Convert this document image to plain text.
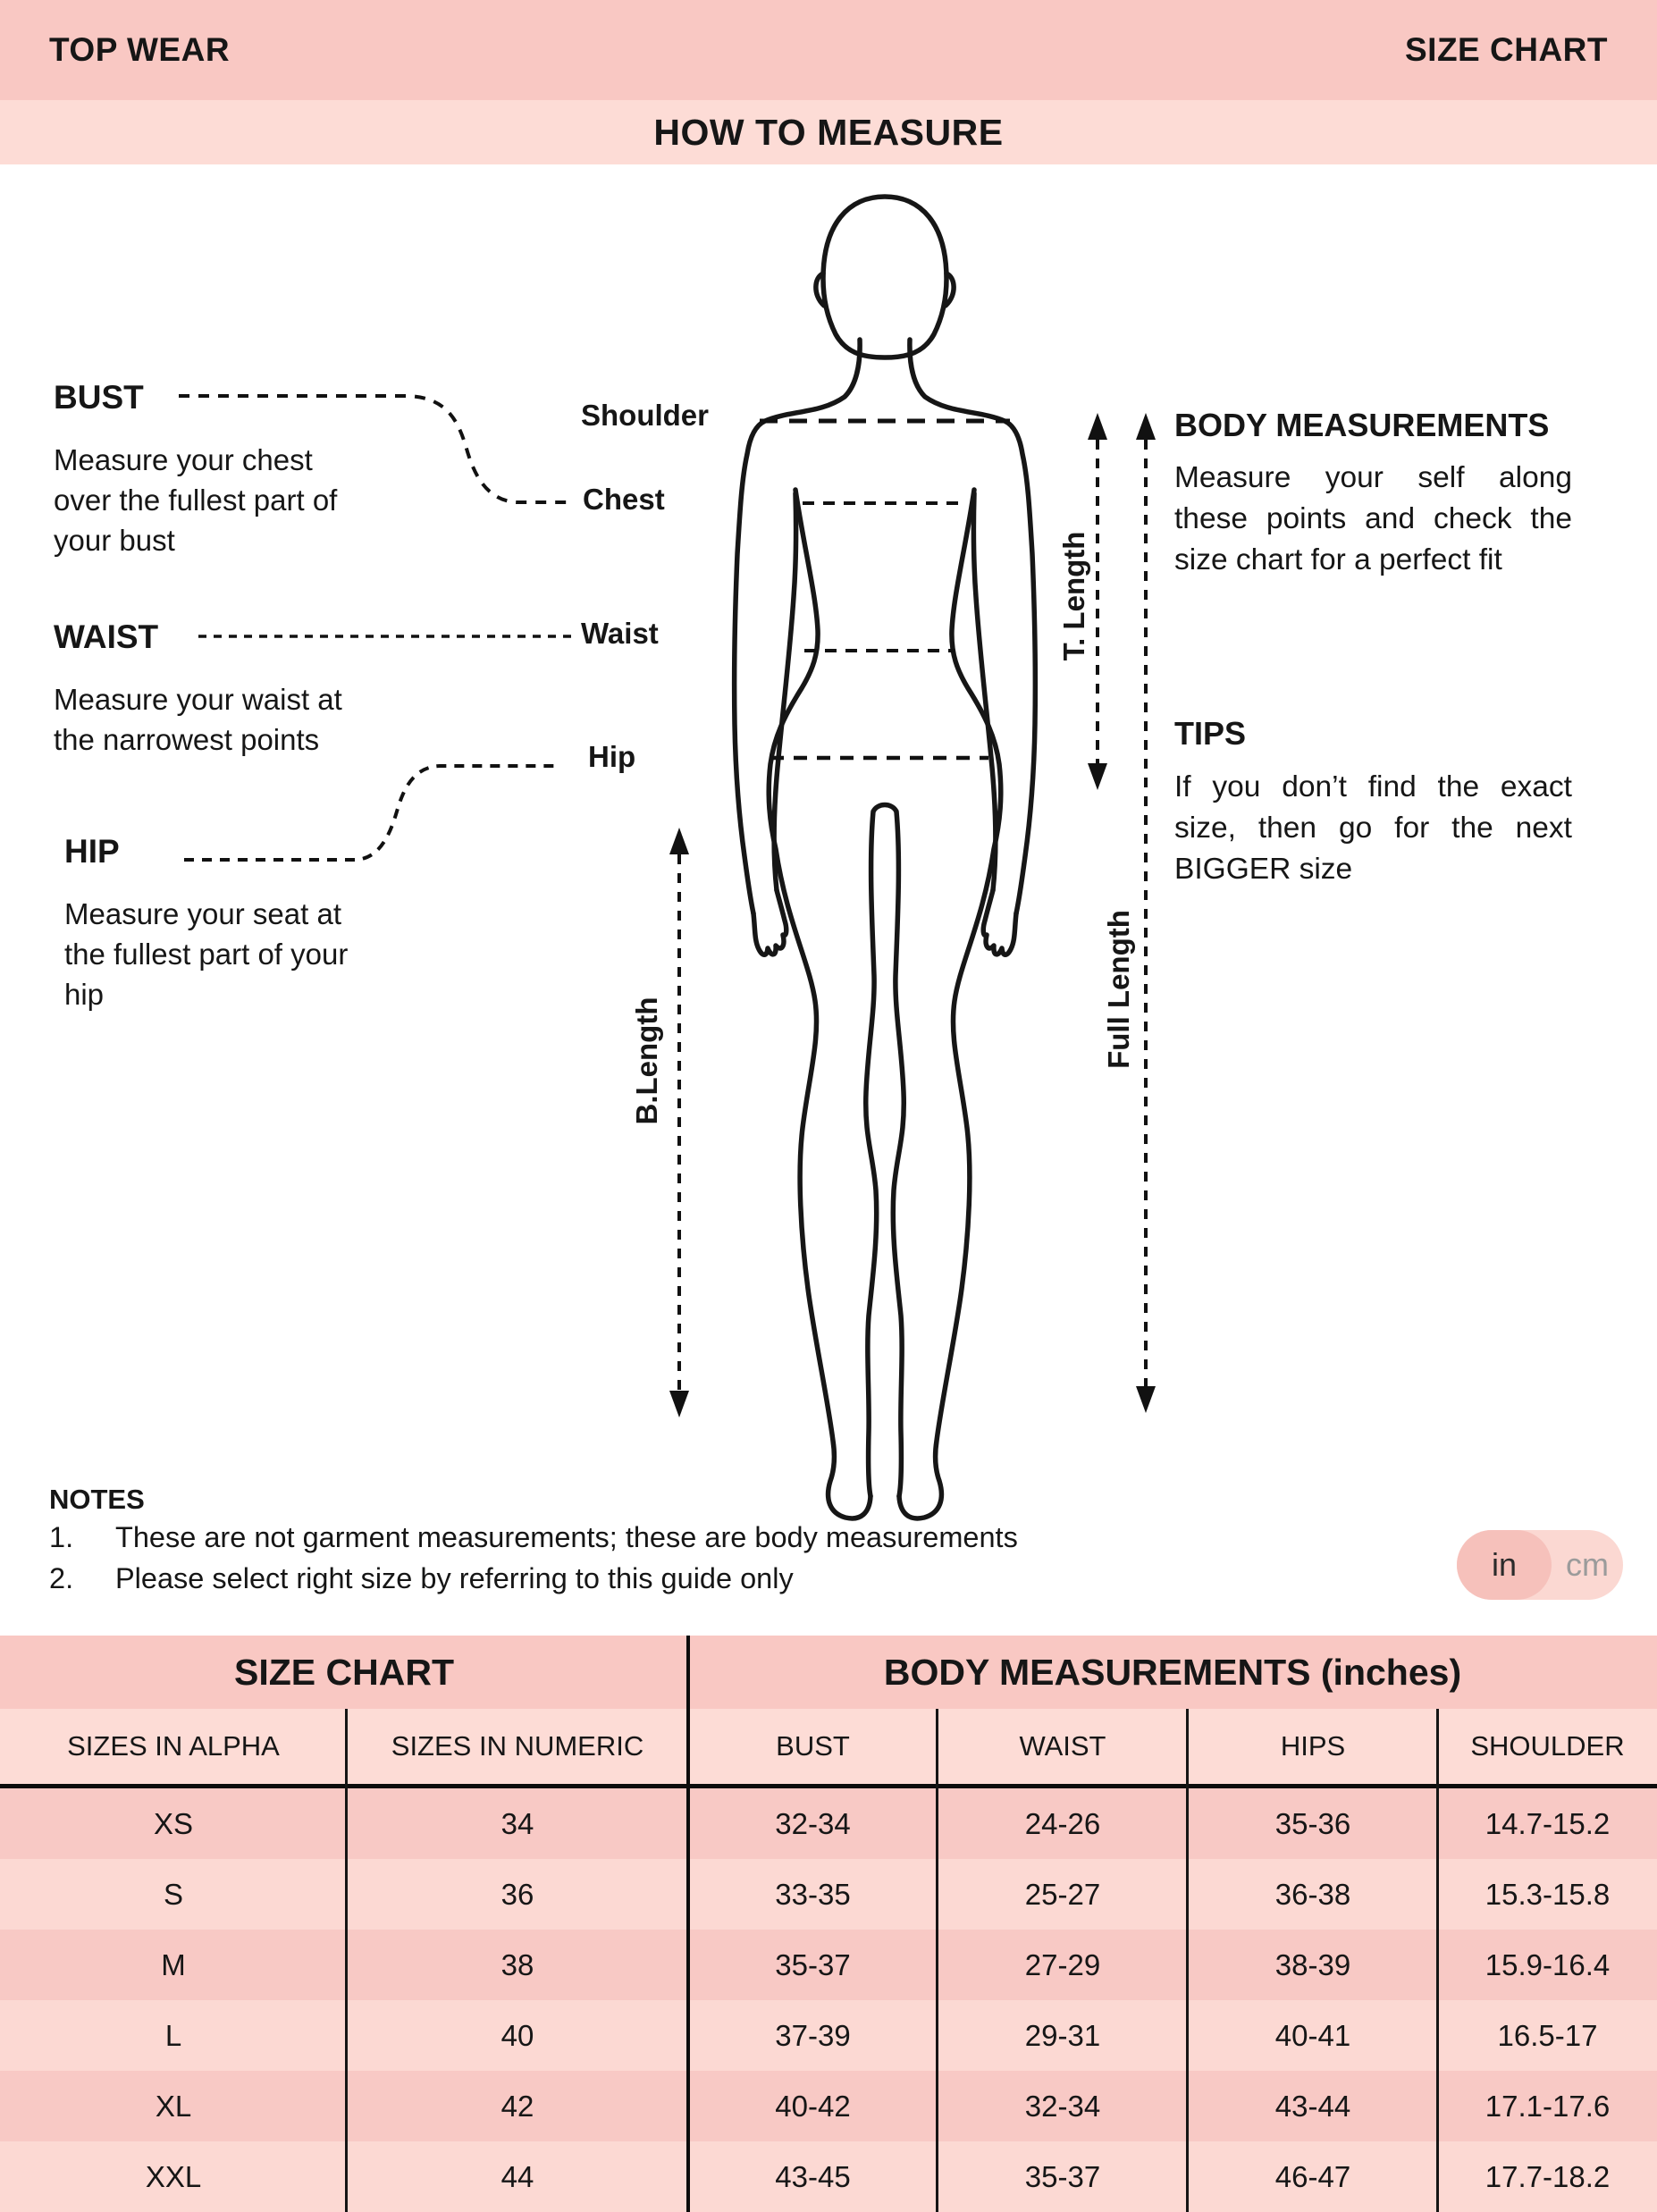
TOP WEAR	SIZE CHART
HOW TO MEASURE
BUST
Measure your chest over the fullest part of your bust
WAIST
Measure your waist at the narrowest points
HIP
Measure your seat at the fullest part of your hip
Shoulder
Chest
Waist
Hip
T. Length
B.Length	Full Length
BODY MEASUREMENTS
Measure your self along these points and check the size chart for a perfect fit
TIPS
If you don’t find the exact size, then go for the next BIGGER size
NOTES
1. These are not garment measurements; these are body measurements
2. Please select right size by referring to this guide only	in	cm
SIZE CHART	BODY MEASUREMENTS (inches)
SIZES IN ALPHA	SIZES IN NUMERIC	BUST	WAIST	HIPS	SHOULDER
XS	34	32-34	24-26	35-36	14.7-15.2
S	36	33-35	25-27	36-38	15.3-15.8
M	38	35-37	27-29	38-39	15.9-16.4
L	40	37-39	29-31	40-41	16.5-17
XL	42	40-42	32-34	43-44	17.1-17.6
XXL	44	43-45	35-37	46-47	17.7-18.2
